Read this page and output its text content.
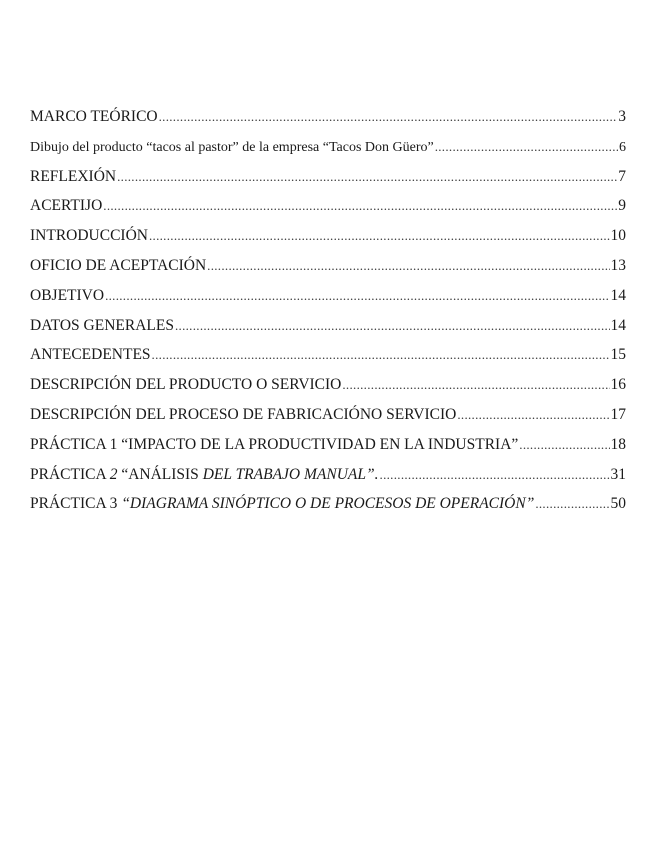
MARCO TEÓRICO .....	3
Dibujo del producto “tacos al pastor” de la empresa “Tacos Don Güero” .....	6
REFLEXIÓN .....	7
ACERTIJO .....	9
INTRODUCCIÓN .....	10
OFICIO DE ACEPTACIÓN .....	13
OBJETIVO .....	14
DATOS GENERALES .....	14
ANTECEDENTES .....	15
DESCRIPCIÓN DEL PRODUCTO O SERVICIO .....	16
DESCRIPCIÓN DEL PROCESO DE FABRICACIÓNO SERVICIO .....	17
PRÁCTICA 1 “IMPACTO DE LA PRODUCTIVIDAD EN LA INDUSTRIA” .....	18
PRÁCTICA 2 “ANÁLISIS DEL TRABAJO MANUAL”. .....	31
PRÁCTICA 3 “DIAGRAMA SINÓPTICO O DE PROCESOS DE OPERACIÓN” .....	50
